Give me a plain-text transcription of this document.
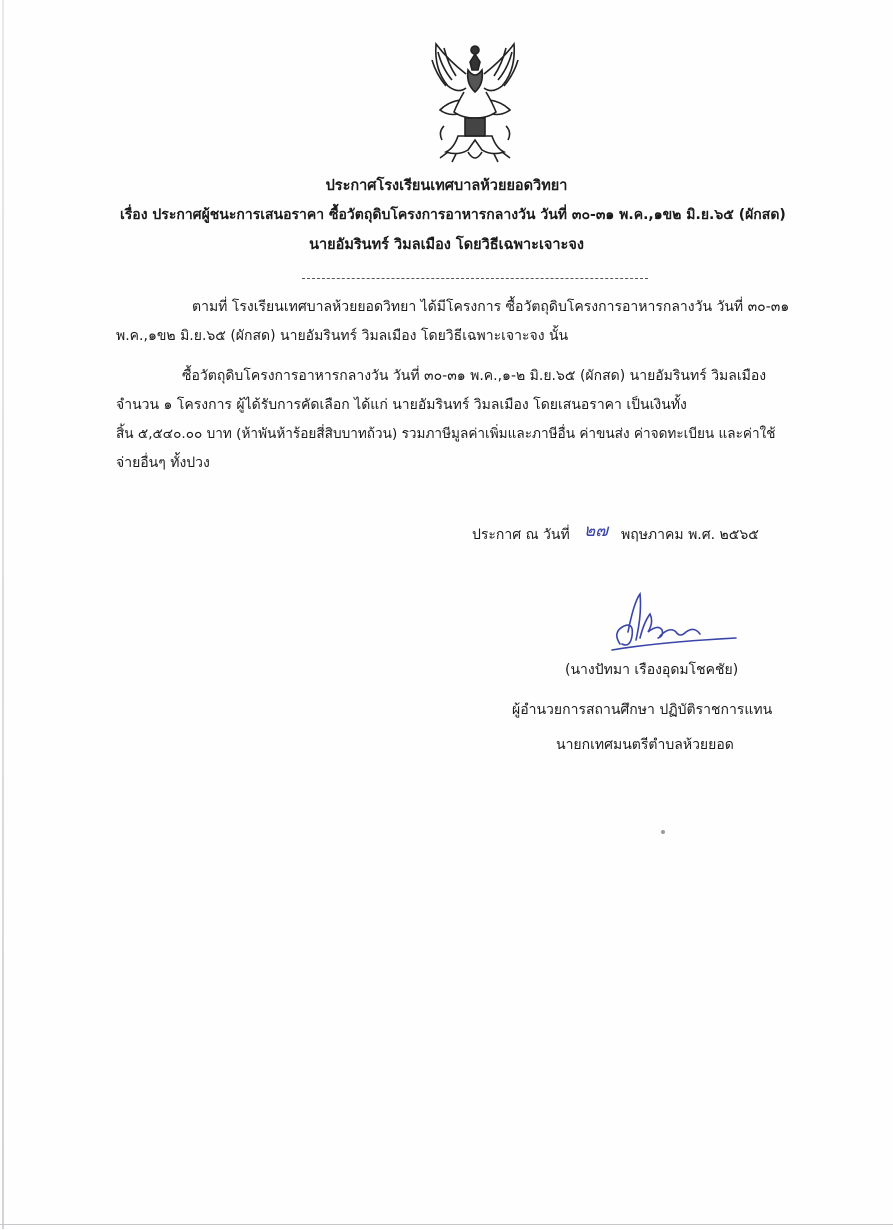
ประกาศโรงเรียนเทศบาลห้วยยอดวิทยา
เรื่อง ประกาศผู้ชนะการเสนอราคา ซื้อวัตถุดิบโครงการอาหารกลางวัน วันที่ ๓๐-๓๑ พ.ค.,๑ข๒ มิ.ย.๖๕ (ผักสด)
นายอัมรินทร์ วิมลเมือง โดยวิธีเฉพาะเจาะจง
ตามที่ โรงเรียนเทศบาลห้วยยอดวิทยา ได้มีโครงการ ซื้อวัตถุดิบโครงการอาหารกลางวัน วันที่ ๓๐-๓๑
พ.ค.,๑ข๒ มิ.ย.๖๕ (ผักสด) นายอัมรินทร์ วิมลเมือง โดยวิธีเฉพาะเจาะจง นั้น
ซื้อวัตถุดิบโครงการอาหารกลางวัน วันที่ ๓๐-๓๑ พ.ค.,๑-๒ มิ.ย.๖๕ (ผักสด) นายอัมรินทร์ วิมลเมือง
จำนวน ๑ โครงการ ผู้ได้รับการคัดเลือก ได้แก่ นายอัมรินทร์ วิมลเมือง โดยเสนอราคา เป็นเงินทั้ง
สิ้น ๕,๕๔๐.๐๐ บาท (ห้าพันห้าร้อยสี่สิบบาทถ้วน) รวมภาษีมูลค่าเพิ่มและภาษีอื่น ค่าขนส่ง ค่าจดทะเบียน และค่าใช้
จ่ายอื่นๆ ทั้งปวง
ประกาศ ณ วันที่ ๒๗ พฤษภาคม พ.ศ. ๒๕๖๕
(นางปัทมา เรืองอุดมโชคชัย)
ผู้อำนวยการสถานศึกษา ปฏิบัติราชการแทน
นายกเทศมนตรีตำบลห้วยยอด
